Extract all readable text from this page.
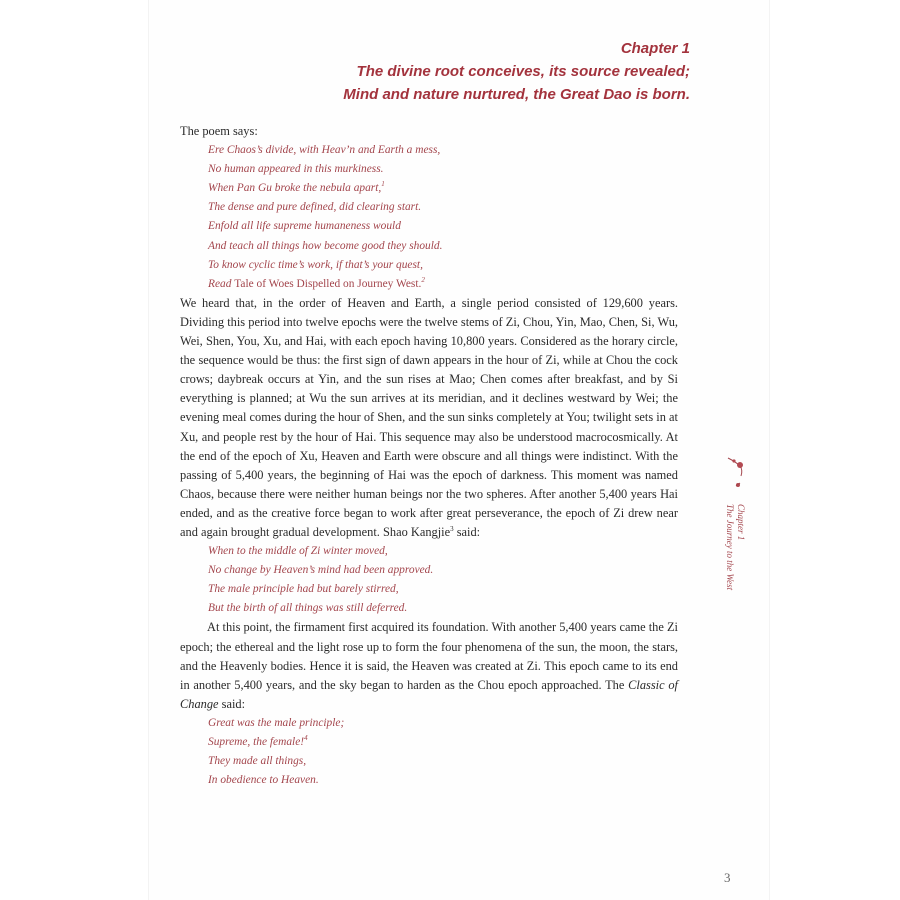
Chapter 1
The divine root conceives, its source revealed;
Mind and nature nurtured, the Great Dao is born.

The poem says:

Ere Chaos’s divide, with Heav’n and Earth a mess,
No human appeared in this murkiness.
When Pan Gu broke the nebula apart,$^1$
The dense and pure defined, did clearing start.
Enfold all life supreme humaneness would
And teach all things how become good they should.
To know cyclic time’s work, if that’s your quest,
Read Tale of Woes Dispelled on Journey West.$^2$

We heard that, in the order of Heaven and Earth, a single period consisted of 129,600 years. Dividing this period into twelve epochs were the twelve stems of Zi, Chou, Yin, Mao, Chen, Si, Wu, Wei, Shen, You, Xu, and Hai, with each epoch having 10,800 years. Considered as the horary circle, the sequence would be thus: the first sign of dawn appears in the hour of Zi, while at Chou the cock crows; daybreak occurs at Yin, and the sun rises at Mao; Chen comes after breakfast, and by Si everything is planned; at Wu the sun arrives at its meridian, and it declines westward by Wei; the evening meal comes during the hour of Shen, and the sun sinks completely at You; twilight sets in at Xu, and people rest by the hour of Hai. This sequence may also be understood macrocosmically. At the end of the epoch of Xu, Heaven and Earth were obscure and all things were indistinct. With the passing of 5,400 years, the beginning of Hai was the epoch of darkness. This moment was named Chaos, because there were neither human beings nor the two spheres. After another 5,400 years Hai ended, and as the creative force began to work after great perseverance, the epoch of Zi drew near and again brought gradual development. Shao Kangjie$^3$ said:

When to the middle of Zi winter moved,
No change by Heaven’s mind had been approved.
The male principle had but barely stirred,
But the birth of all things was still deferred.

At this point, the firmament first acquired its foundation. With another 5,400 years came the Zi epoch; the ethereal and the light rose up to form the four phenomena of the sun, the moon, the stars, and the Heavenly bodies. Hence it is said, the Heaven was created at Zi. This epoch came to its end in another 5,400 years, and the sky began to harden as the Chou epoch approached. The Classic of Change said:

Great was the male principle;
Supreme, the female!$^4$
They made all things,
In obedience to Heaven.
Chapter 1
The Journey to the West
3
